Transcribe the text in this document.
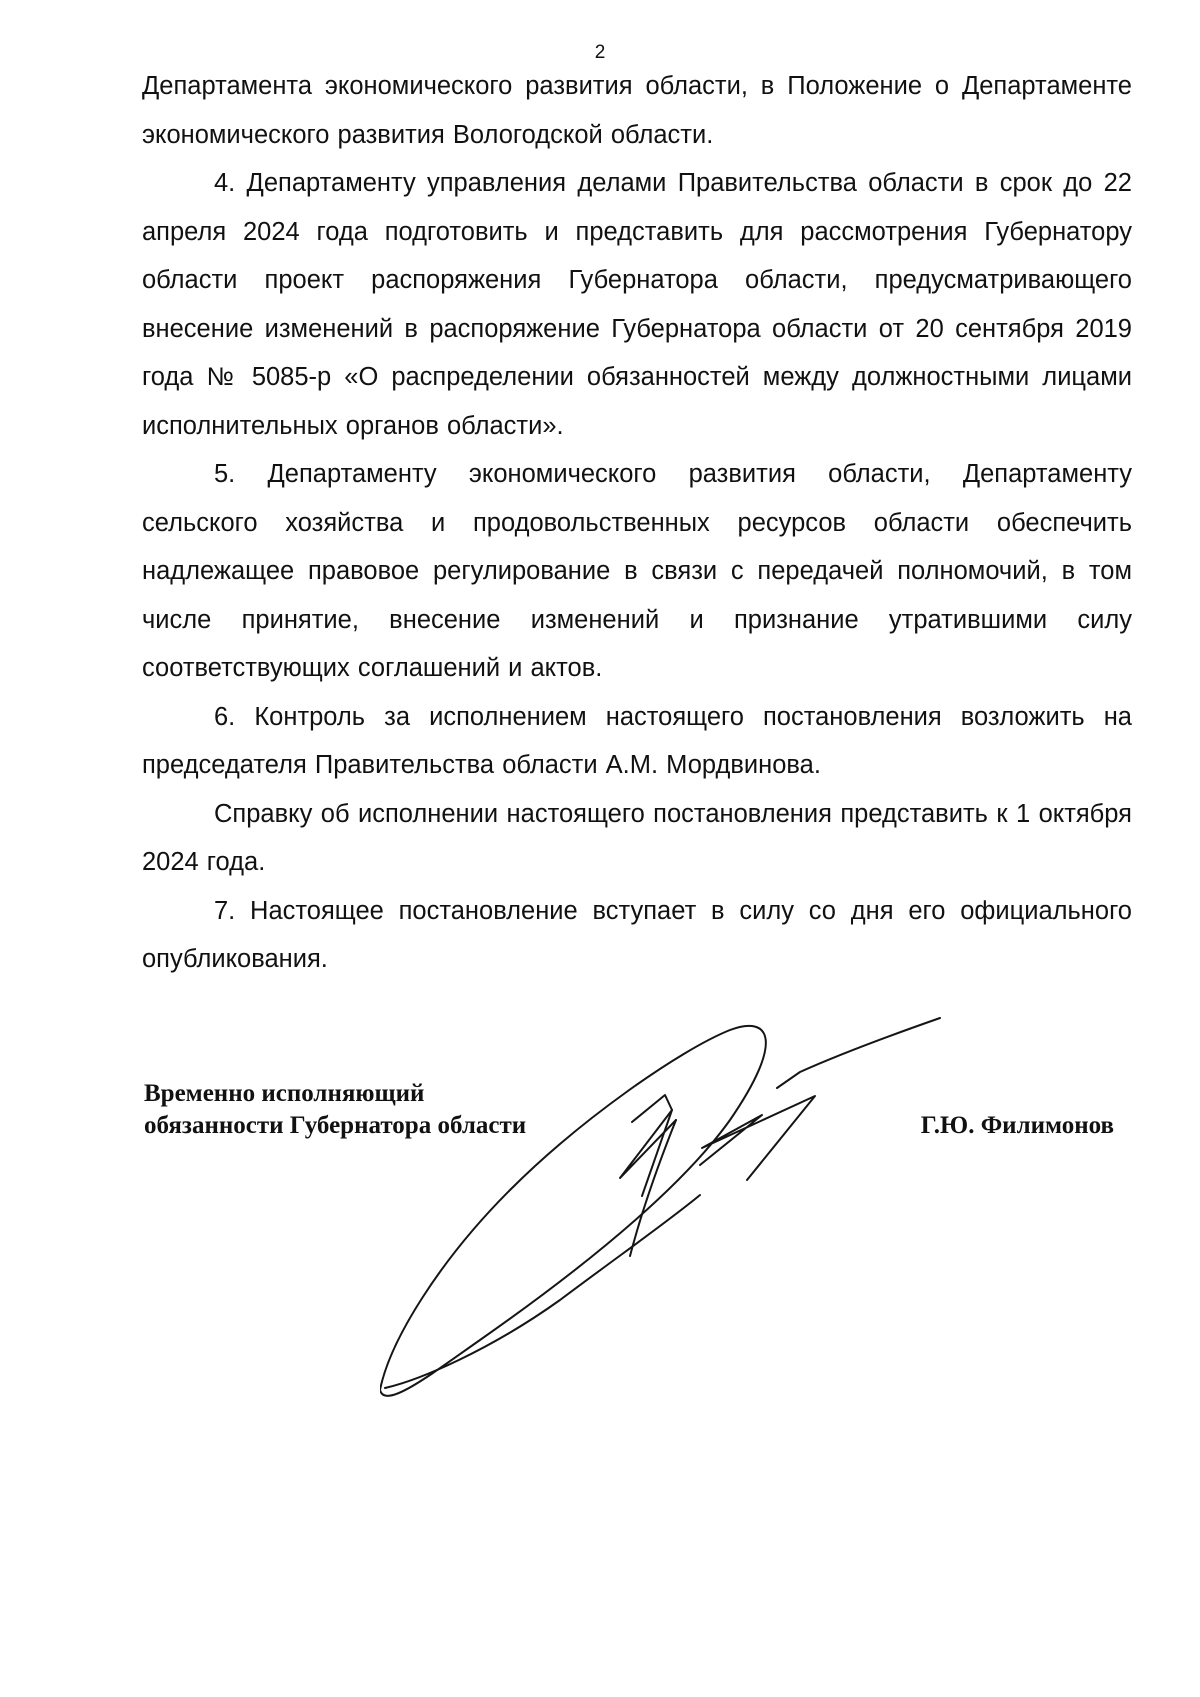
2

Департамента экономического развития области, в Положение о Департаменте экономического развития Вологодской области.

4. Департаменту управления делами Правительства области в срок до 22 апреля 2024 года подготовить и представить для рассмотрения Губернатору области проект распоряжения Губернатора области, предусматривающего внесение изменений в распоряжение Губернатора области от 20 сентября 2019 года № 5085-р «О распределении обязанностей между должностными лицами исполнительных органов области».

5. Департаменту экономического развития области, Департаменту сельского хозяйства и продовольственных ресурсов области обеспечить надлежащее правовое регулирование в связи с передачей полномочий, в том числе принятие, внесение изменений и признание утратившими силу соответствующих соглашений и актов.

6. Контроль за исполнением настоящего постановления возложить на председателя Правительства области А.М. Мордвинова.

Справку об исполнении настоящего постановления представить к 1 октября 2024 года.

7. Настоящее постановление вступает в силу со дня его официального опубликования.

Временно исполняющий

обязанности Губернатора области	Г.Ю. Филимонов
